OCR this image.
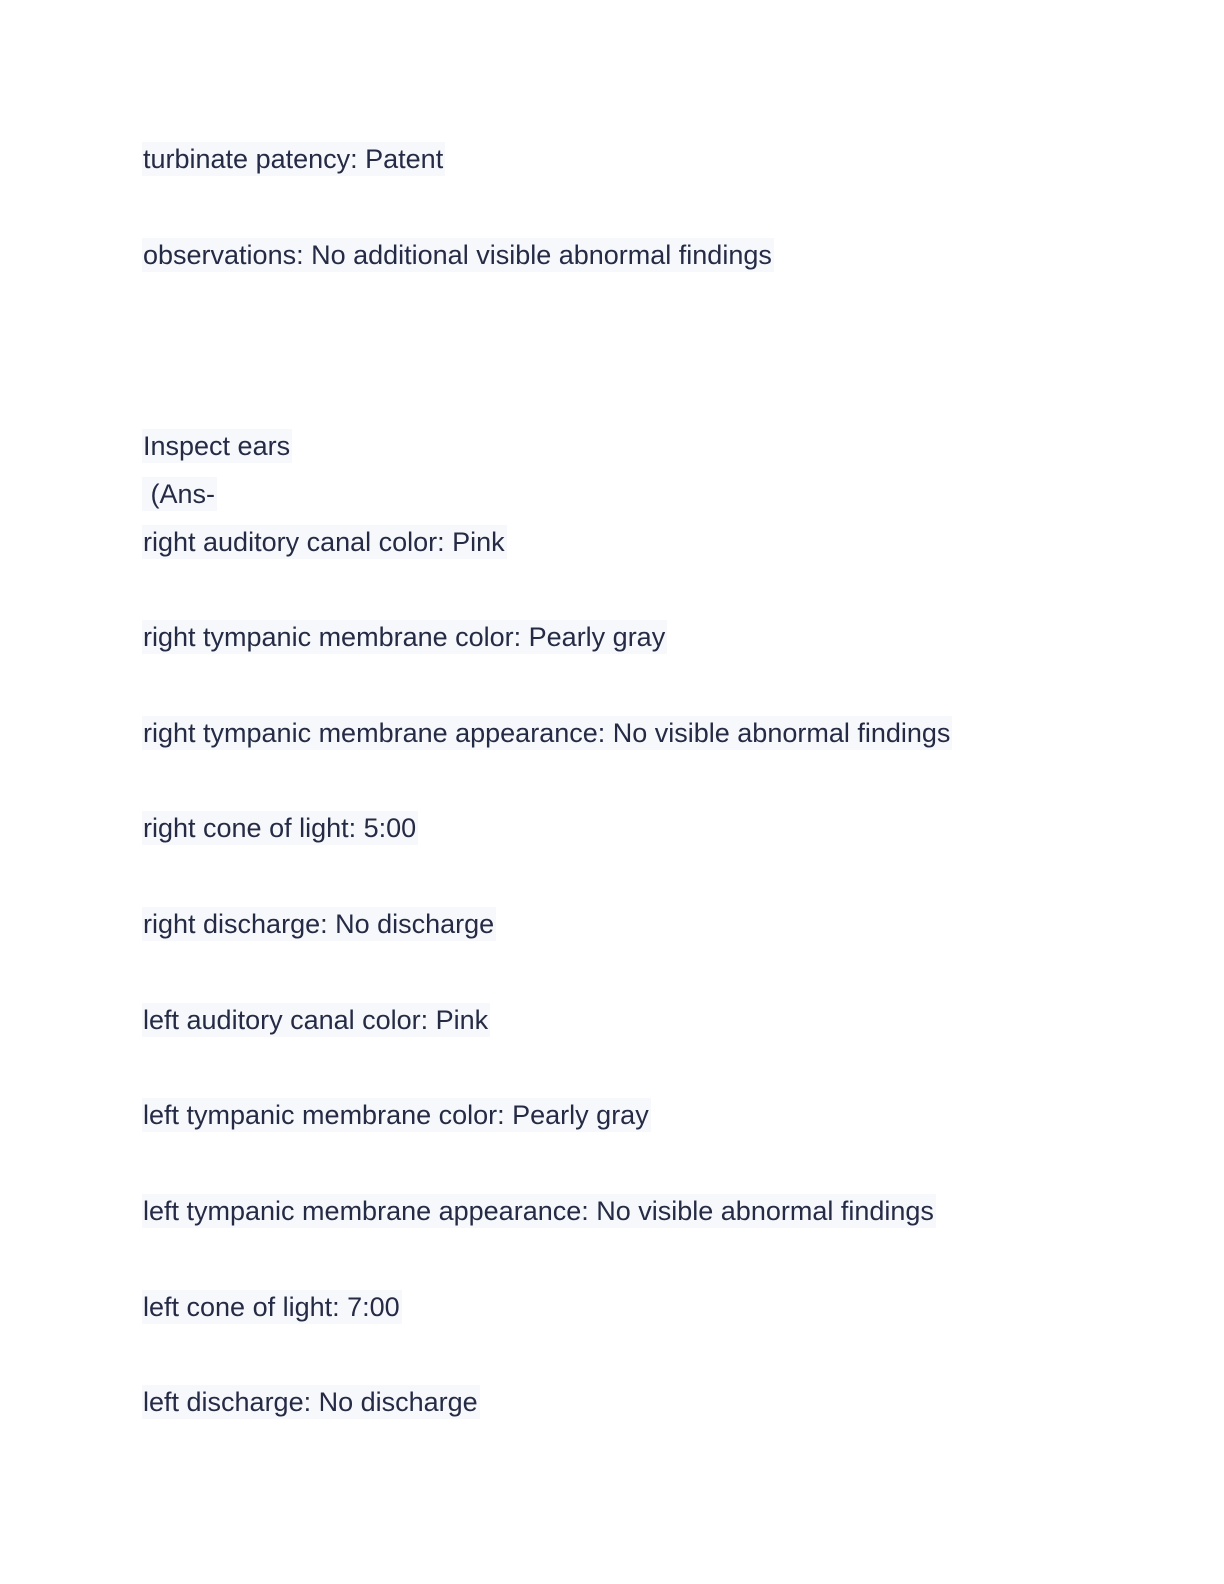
turbinate patency: Patent
observations: No additional visible abnormal findings
Inspect ears
(Ans-
right auditory canal color: Pink
right tympanic membrane color: Pearly gray
right tympanic membrane appearance: No visible abnormal findings
right cone of light: 5:00
right discharge: No discharge
left auditory canal color: Pink
left tympanic membrane color: Pearly gray
left tympanic membrane appearance: No visible abnormal findings
left cone of light: 7:00
left discharge: No discharge
